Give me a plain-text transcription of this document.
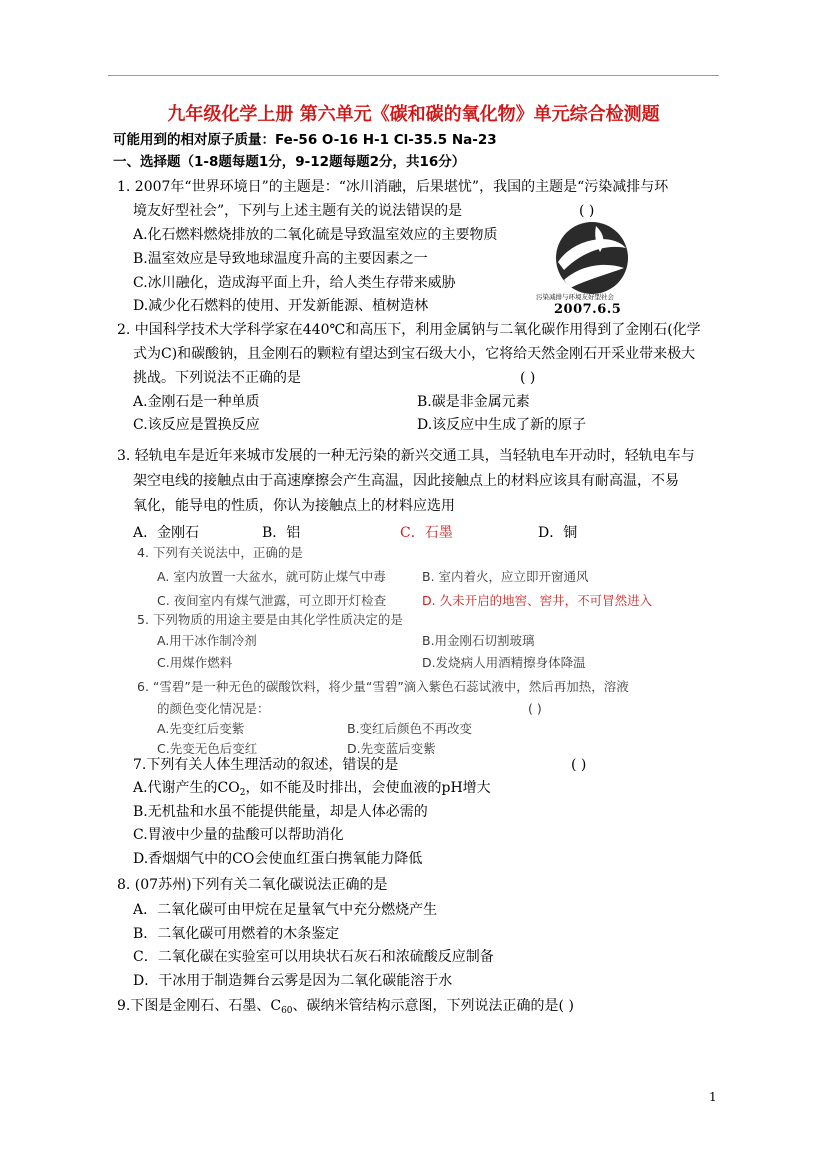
九年级化学上册 第六单元《碳和碳的氧化物》单元综合检测题
可能用到的相对原子质量：Fe-56 O-16 H-1 Cl-35.5 Na-23
一、选择题（1-8题每题1分，9-12题每题2分，共16分）
1. 2007年“世界环境日”的主题是：“冰川消融，后果堪忧”，我国的主题是“污染减排与环
境友好型社会”，下列与上述主题有关的说法错误的是	( )
A.化石燃料燃烧排放的二氧化硫是导致温室效应的主要物质
B.温室效应是导致地球温度升高的主要因素之一
C.冰川融化，造成海平面上升，给人类生存带来威胁
D.减少化石燃料的使用、开发新能源、植树造林
污染减排与环境友好型社会
2007.6.5
2. 中国科学技术大学科学家在440℃和高压下，利用金属钠与二氧化碳作用得到了金刚石(化学
式为C)和碳酸钠，且金刚石的颗粒有望达到宝石级大小，它将给天然金刚石开采业带来极大
挑战。下列说法不正确的是	( )
A.金刚石是一种单质	B.碳是非金属元素
C.该反应是置换反应	D.该反应中生成了新的原子
3. 轻轨电车是近年来城市发展的一种无污染的新兴交通工具，当轻轨电车开动时，轻轨电车与
架空电线的接触点由于高速摩擦会产生高温，因此接触点上的材料应该具有耐高温，不易
氧化，能导电的性质，你认为接触点上的材料应选用
A．金刚石	B．铝	C．石墨	D．铜
4. 下列有关说法中，正确的是
A. 室内放置一大盆水，就可防止煤气中毒	B. 室内着火，应立即开窗通风
C. 夜间室内有煤气泄露，可立即开灯检查	D. 久未开启的地窖、窖井，不可冒然进入
5. 下列物质的用途主要是由其化学性质决定的是
A.用干冰作制冷剂	B.用金刚石切割玻璃
C.用煤作燃料	D.发烧病人用酒精擦身体降温
6. “雪碧”是一种无色的碳酸饮料，将少量“雪碧”滴入紫色石蕊试液中，然后再加热，溶液
的颜色变化情况是：	( )
A.先变红后变紫	B.变红后颜色不再改变
C.先变无色后变红	D.先变蓝后变紫
7.下列有关人体生理活动的叙述，错误的是	( )
A.代谢产生的$CO_2$，如不能及时排出，会使血液的pH增大
B.无机盐和水虽不能提供能量，却是人体必需的
C.胃液中少量的盐酸可以帮助消化
D.香烟烟气中的CO会使血红蛋白携氧能力降低
8. (07苏州)下列有关二氧化碳说法正确的是
A．二氧化碳可由甲烷在足量氧气中充分燃烧产生
B．二氧化碳可用燃着的木条鉴定
C．二氧化碳在实验室可以用块状石灰石和浓硫酸反应制备
D．干冰用于制造舞台云雾是因为二氧化碳能溶于水
9.下图是金刚石、石墨、$C_{60}$、碳纳米管结构示意图，下列说法正确的是( )
1
